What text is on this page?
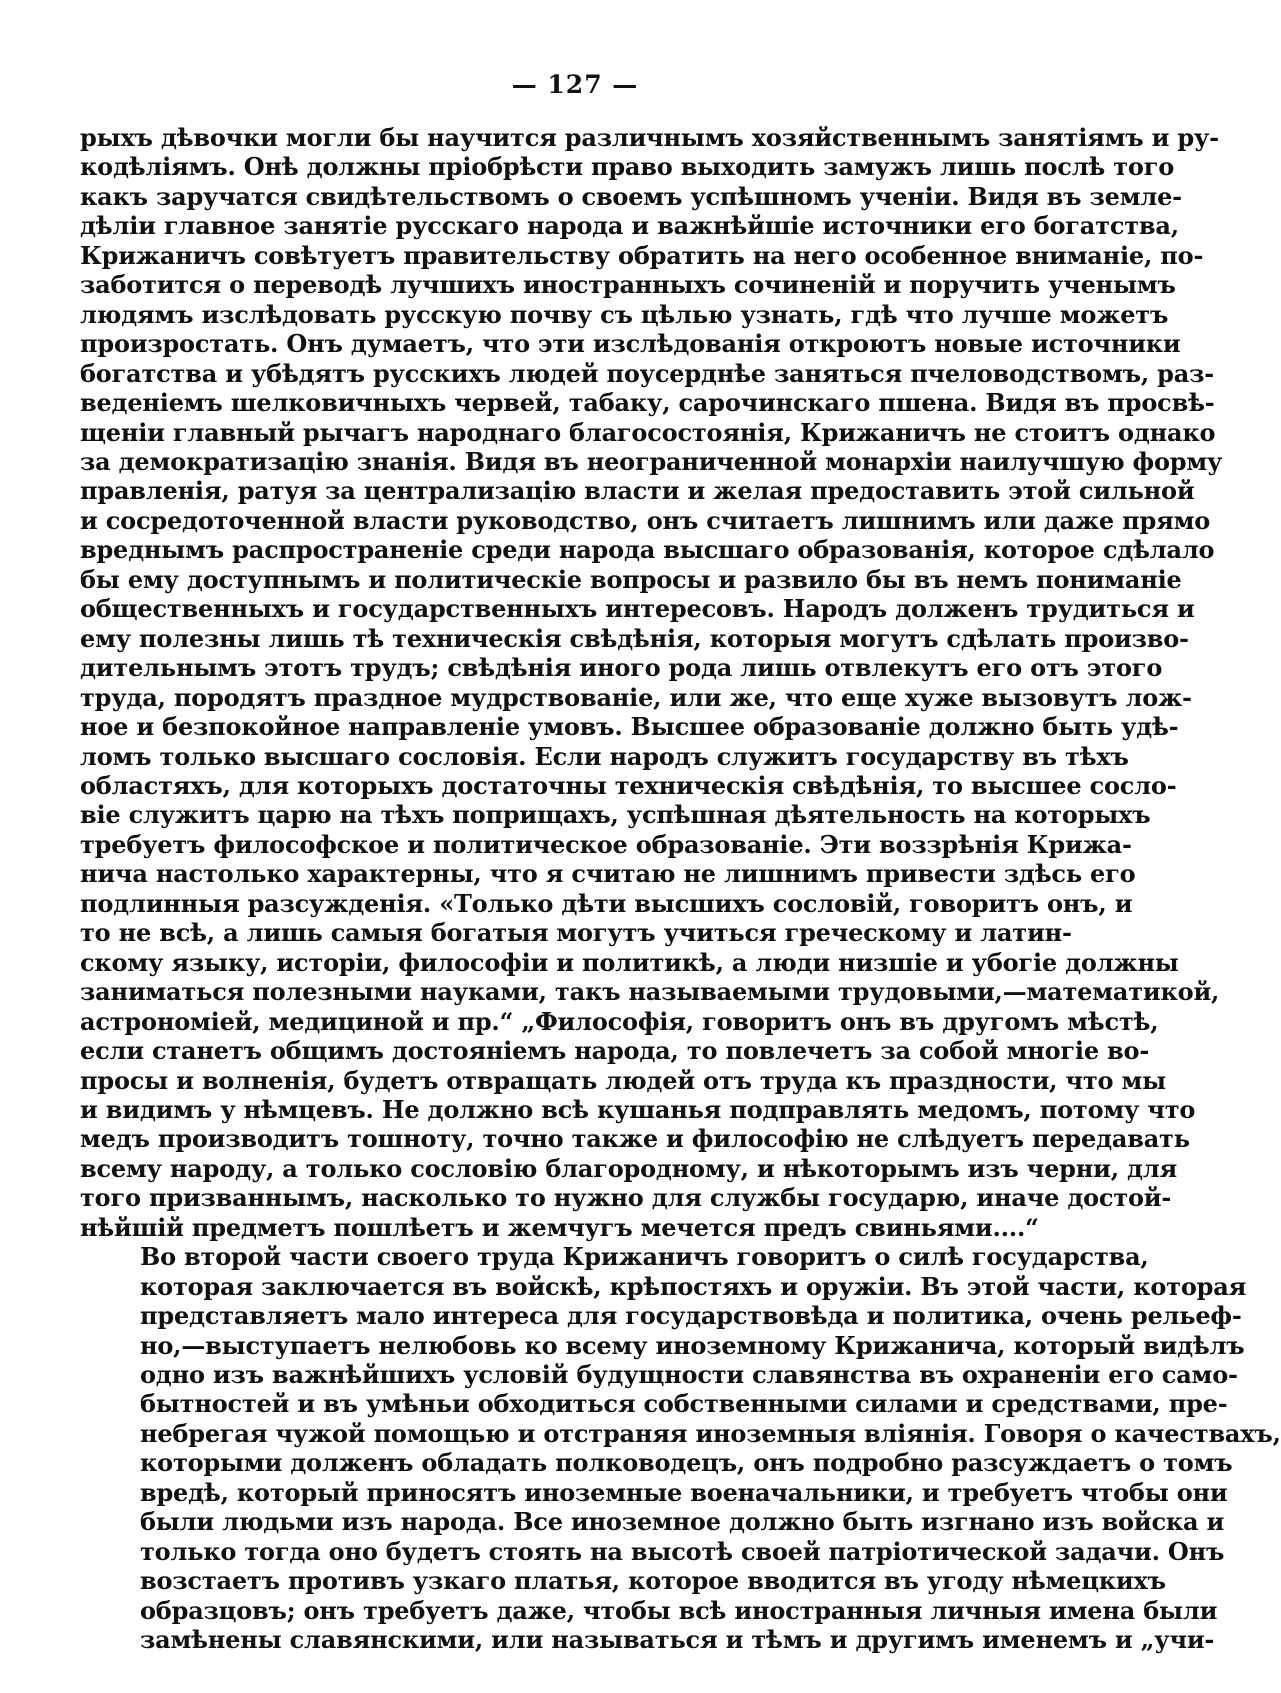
— 127 —

рыхъ дѣвочки могли бы научится различнымъ хозяйственнымъ занятіямъ и ру-
кодѣліямъ. Онѣ должны пріобрѣсти право выходить замужъ лишь послѣ того
какъ заручатся свидѣтельствомъ о своемъ успѣшномъ ученіи. Видя въ земле-
дѣліи главное занятіе русскаго народа и важнѣйшіе источники его богатства,
Крижаничъ совѣтуетъ правительству обратить на него особенное вниманіе, по-
заботится о переводѣ лучшихъ иностранныхъ сочиненій и поручить ученымъ
людямъ изслѣдовать русскую почву съ цѣлью узнать, гдѣ что лучше можетъ
произростать. Онъ думаетъ, что эти изслѣдованія откроютъ новые источники
богатства и убѣдятъ русскихъ людей поусерднѣе заняться пчеловодствомъ, раз-
веденіемъ шелковичныхъ червей, табаку, сарочинскаго пшена. Видя въ просвѣ-
щеніи главный рычагъ народнаго благосостоянія, Крижаничъ не стоитъ однако
за демократизацію знанія. Видя въ неограниченной монархіи наилучшую форму
правленія, ратуя за централизацію власти и желая предоставить этой сильной
и сосредоточенной власти руководство, онъ считаетъ лишнимъ или даже прямо
вреднымъ распространеніе среди народа высшаго образованія, которое сдѣлало
бы ему доступнымъ и политическіе вопросы и развило бы въ немъ пониманіе
общественныхъ и государственныхъ интересовъ. Народъ долженъ трудиться и
ему полезны лишь тѣ техническія свѣдѣнія, которыя могутъ сдѣлать произво-
дительнымъ этотъ трудъ; свѣдѣнія иного рода лишь отвлекутъ его отъ этого
труда, породятъ праздное мудрствованіе, или же, что еще хуже вызовутъ лож-
ное и безпокойное направленіе умовъ. Высшее образованіе должно быть удѣ-
ломъ только высшаго сословія. Если народъ служитъ государству въ тѣхъ
областяхъ, для которыхъ достаточны техническія свѣдѣнія, то высшее сосло-
віе служитъ царю на тѣхъ поприщахъ, успѣшная дѣятельность на которыхъ
требуетъ философское и политическое образованіе. Эти воззрѣнія Крижа-
нича настолько характерны, что я считаю не лишнимъ привести здѣсь его
подлинныя разсужденія. «Только дѣти высшихъ сословій, говоритъ онъ, и
то не всѣ, а лишь самыя богатыя могутъ учиться греческому и латин-
скому языку, исторіи, философіи и политикѣ, а люди низшіе и убогіе должны
заниматься полезными науками, такъ называемыми трудовыми,—математикой,
астрономіей, медициной и пр.“ „Философія, говоритъ онъ въ другомъ мѣстѣ,
если станетъ общимъ достояніемъ народа, то повлечетъ за собой многіе во-
просы и волненія, будетъ отвращать людей отъ труда къ праздности, что мы
и видимъ у нѣмцевъ. Не должно всѣ кушанья подправлять медомъ, потому что
медъ производитъ тошноту, точно также и философію не слѣдуетъ передавать
всему народу, а только сословію благородному, и нѣкоторымъ изъ черни, для
того призваннымъ, насколько то нужно для службы государю, иначе достой-
нѣйшій предметъ пошлѣетъ и жемчугъ мечется предъ свиньями....“

Во второй части своего труда Крижаничъ говоритъ о силѣ государства,
которая заключается въ войскѣ, крѣпостяхъ и оружіи. Въ этой части, которая
представляетъ мало интереса для государствовѣда и политика, очень рельеф-
но,—выступаетъ нелюбовь ко всему иноземному Крижанича, который видѣлъ
одно изъ важнѣйшихъ условій будущности славянства въ охраненіи его само-
бытностей и въ умѣньи обходиться собственными силами и средствами, пре-
небрегая чужой помощью и отстраняя иноземныя вліянія. Говоря о качествахъ,
которыми долженъ обладать полководецъ, онъ подробно разсуждаетъ о томъ
вредѣ, который приносятъ иноземные военачальники, и требуетъ чтобы они
были людьми изъ народа. Все иноземное должно быть изгнано изъ войска и
только тогда оно будетъ стоять на высотѣ своей патріотической задачи. Онъ
возстаетъ противъ узкаго платья, которое вводится въ угоду нѣмецкихъ
образцовъ; онъ требуетъ даже, чтобы всѣ иностранныя личныя имена были
замѣнены славянскими, или называться и тѣмъ и другимъ именемъ и „учи-
